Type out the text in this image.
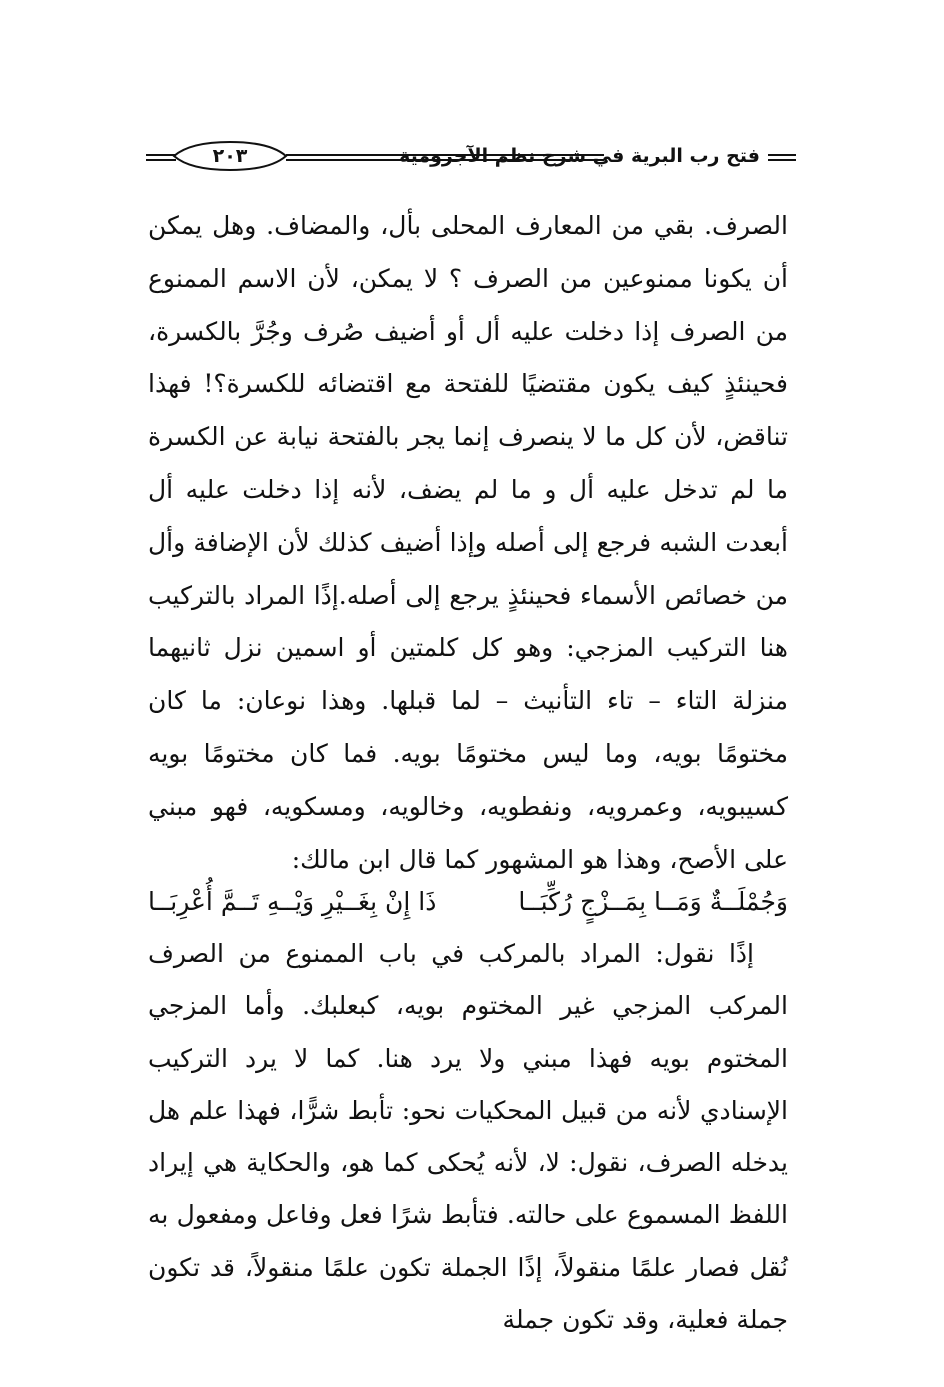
فتح رب البرية في شرح نظم الآجرومية
٢٠٣

الصرف. بقي من المعارف المحلى بأل، والمضاف. وهل يمكن أن يكونا ممنوعين من الصرف ؟ لا يمكن، لأن الاسم الممنوع من الصرف إذا دخلت عليه أل أو أضيف صُرف وجُرَّ بالكسرة، فحينئذٍ كيف يكون مقتضيًا للفتحة مع اقتضائه للكسرة؟! فهذا تناقض، لأن كل ما لا ينصرف إنما يجر بالفتحة نيابة عن الكسرة ما لم تدخل عليه أل و ما لم يضف، لأنه إذا دخلت عليه أل أبعدت الشبه فرجع إلى أصله وإذا أضيف كذلك لأن الإضافة وأل من خصائص الأسماء فحينئذٍ يرجع إلى أصله.إذًا المراد بالتركيب هنا التركيب المزجي: وهو كل كلمتين أو اسمين نزل ثانيهما منزلة التاء – تاء التأنيث – لما قبلها. وهذا نوعان: ما كان مختومًا بويه، وما ليس مختومًا بويه. فما كان مختومًا بويه كسيبويه، وعمرويه، ونفطويه، وخالويه، ومسكويه، فهو مبني على الأصح، وهذا هو المشهور كما قال ابن مالك:

وَجُمْلَــةٌ وَمَــا بِمَــزْجٍ رُكِّبَــا
ذَا إِنْ بِغَــيْرِ وَيْــهِ تَــمَّ أُعْرِبَــا

إذًا نقول: المراد بالمركب في باب الممنوع من الصرف المركب المزجي غير المختوم بويه، كبعلبك. وأما المزجي المختوم بويه فهذا مبني ولا يرد هنا. كما لا يرد التركيب الإسنادي لأنه من قبيل المحكيات نحو: تأبط شرًّا، فهذا علم هل يدخله الصرف، نقول: لا، لأنه يُحكى كما هو، والحكاية هي إيراد اللفظ المسموع على حالته. فتأبط شرًا فعل وفاعل ومفعول به نُقل فصار علمًا منقولاً، إذًا الجملة تكون علمًا منقولاً، قد تكون جملة فعلية، وقد تكون جملة
